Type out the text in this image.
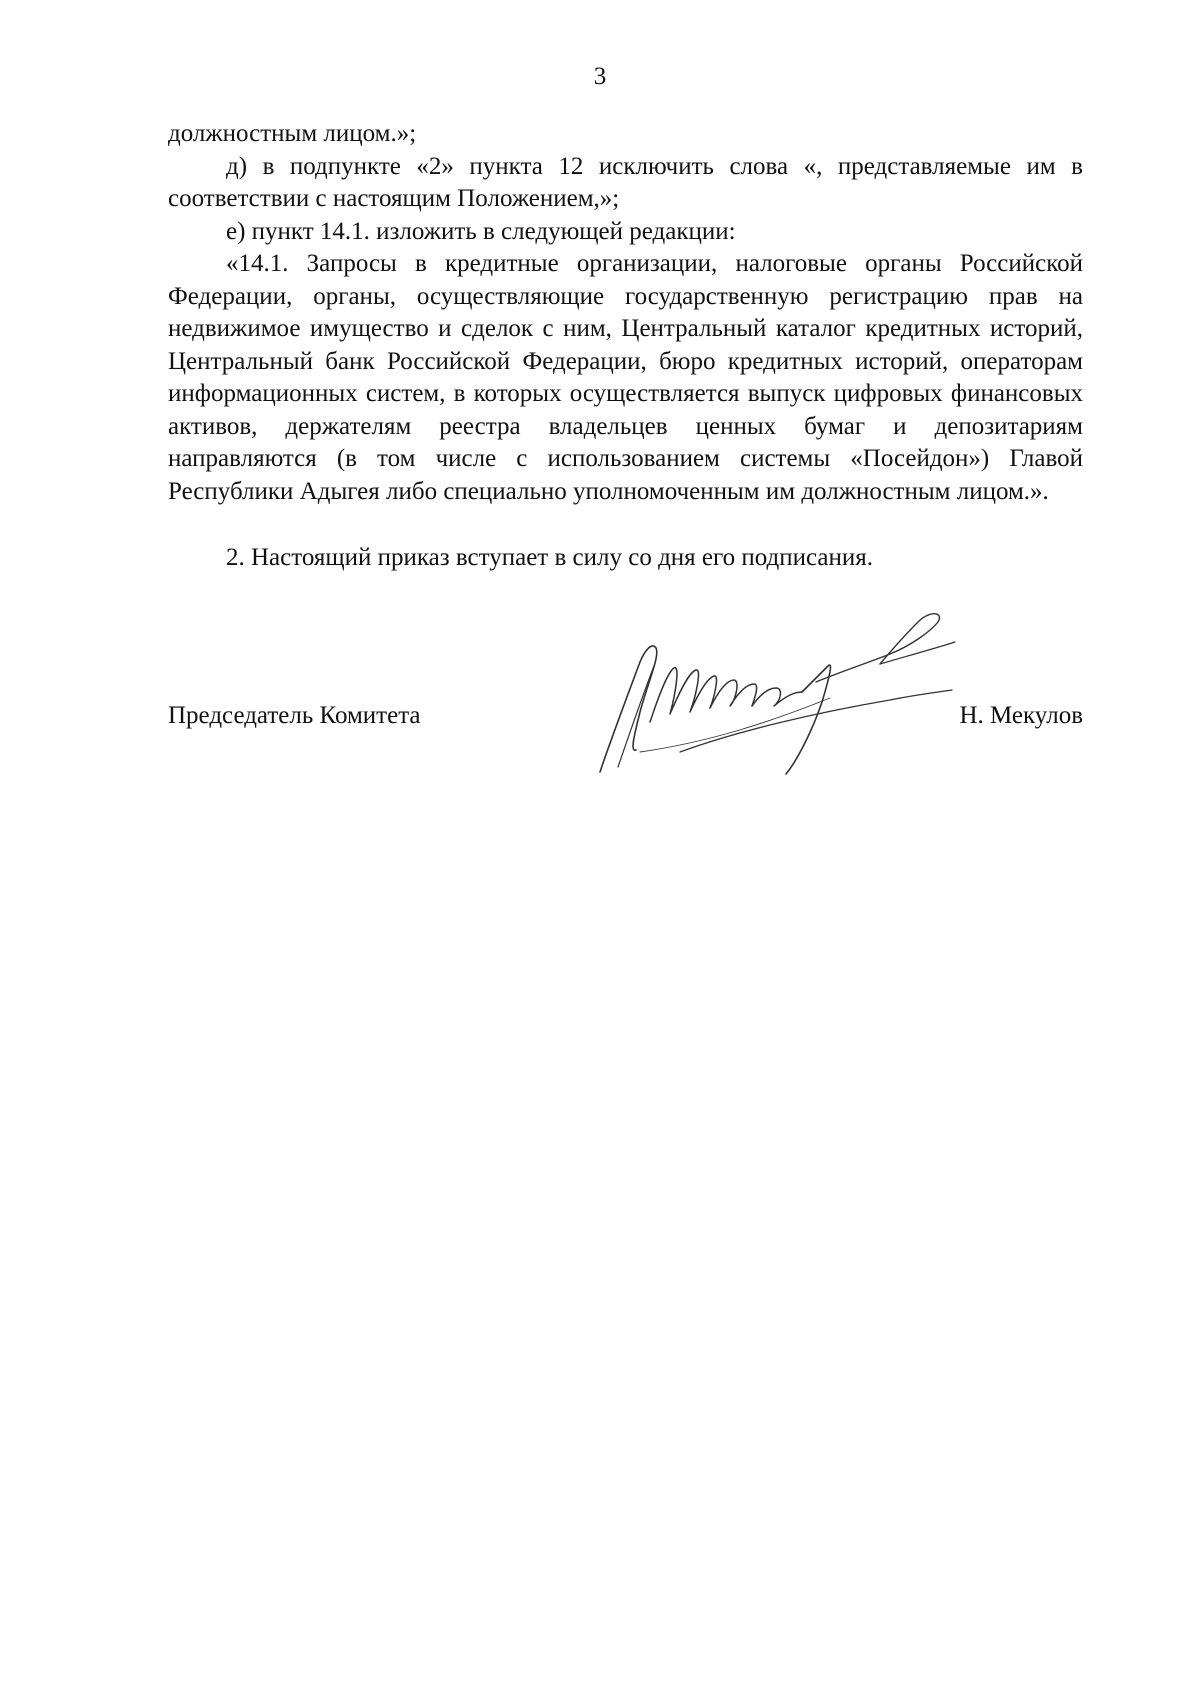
3

должностным лицом.»;

д) в подпункте «2» пункта 12 исключить слова «, представляемые им в соответствии с настоящим Положением,»;

е) пункт 14.1. изложить в следующей редакции:

«14.1. Запросы в кредитные организации, налоговые органы Российской Федерации, органы, осуществляющие государственную регистрацию прав на недвижимое имущество и сделок с ним, Центральный каталог кредитных историй, Центральный банк Российской Федерации, бюро кредитных историй, операторам информационных систем, в которых осуществляется выпуск цифровых финансовых активов, держателям реестра владельцев ценных бумаг и депозитариям направляются (в том числе с использованием системы «Посейдон») Главой Республики Адыгея либо специально уполномоченным им должностным лицом.».

2. Настоящий приказ вступает в силу со дня его подписания.

Председатель Комитета	Н. Мекулов
